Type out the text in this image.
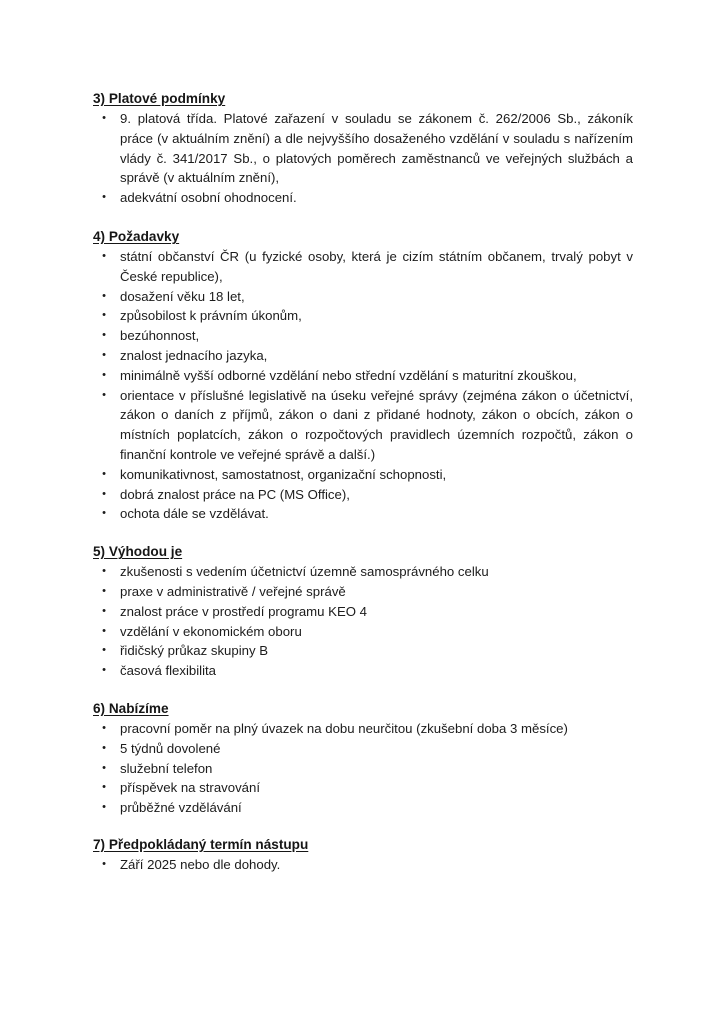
3) Platové podmínky
• 9. platová třída. Platové zařazení v souladu se zákonem č. 262/2006 Sb., zákoník práce (v aktuálním znění) a dle nejvyššího dosaženého vzdělání v souladu s nařízením vlády č. 341/2017 Sb., o platových poměrech zaměstnanců ve veřejných službách a správě (v aktuálním znění),
• adekvátní osobní ohodnocení.
4) Požadavky
• státní občanství ČR (u fyzické osoby, která je cizím státním občanem, trvalý pobyt v České republice),
• dosažení věku 18 let,
• způsobilost k právním úkonům,
• bezúhonnost,
• znalost jednacího jazyka,
• minimálně vyšší odborné vzdělání nebo střední vzdělání s maturitní zkouškou,
• orientace v příslušné legislativě na úseku veřejné správy (zejména zákon o účetnictví, zákon o daních z příjmů, zákon o dani z přidané hodnoty, zákon o obcích, zákon o místních poplatcích, zákon o rozpočtových pravidlech územních rozpočtů, zákon o finanční kontrole ve veřejné správě a další.)
• komunikativnost, samostatnost, organizační schopnosti,
• dobrá znalost práce na PC (MS Office),
• ochota dále se vzdělávat.
5) Výhodou je
• zkušenosti s vedením účetnictví územně samosprávného celku
• praxe v administrativě / veřejné správě
• znalost práce v prostředí programu KEO 4
• vzdělání v ekonomickém oboru
• řidičský průkaz skupiny B
• časová flexibilita
6) Nabízíme
• pracovní poměr na plný úvazek na dobu neurčitou (zkušební doba 3 měsíce)
• 5 týdnů dovolené
• služební telefon
• příspěvek na stravování
• průběžné vzdělávání
7) Předpokládaný termín nástupu
• Září 2025 nebo dle dohody.
